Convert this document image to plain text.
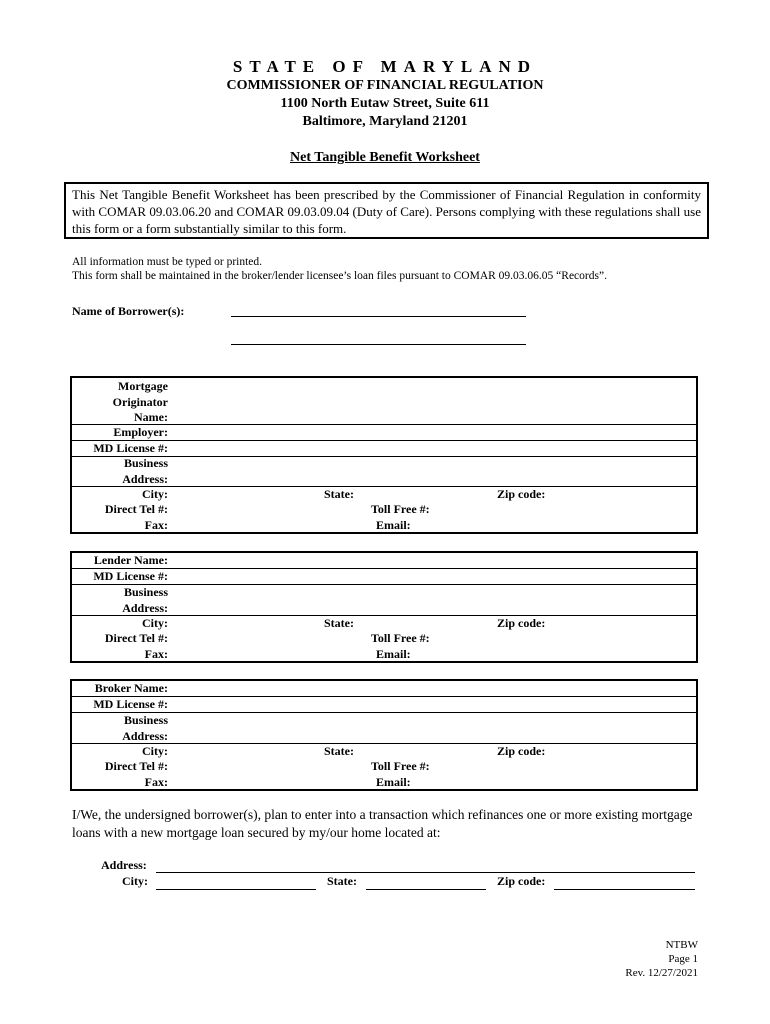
STATE OF MARYLAND
COMMISSIONER OF FINANCIAL REGULATION
1100 North Eutaw Street, Suite 611
Baltimore, Maryland 21201
Net Tangible Benefit Worksheet
This Net Tangible Benefit Worksheet has been prescribed by the Commissioner of Financial Regulation in conformity with COMAR 09.03.06.20 and COMAR 09.03.09.04 (Duty of Care). Persons complying with these regulations shall use this form or a form substantially similar to this form.
All information must be typed or printed.
This form shall be maintained in the broker/lender licensee’s loan files pursuant to COMAR 09.03.06.05 “Records”.
Name of Borrower(s):
Mortgage
Originator
Name:
Employer:
MD License #:
Business
Address:
City:	State:	Zip code:
Direct Tel #:	Toll Free #:
Fax:	Email:
Lender Name:
MD License #:
Business
Address:
City:	State:	Zip code:
Direct Tel #:	Toll Free #:
Fax:	Email:
Broker Name:
MD License #:
Business
Address:
City:	State:	Zip code:
Direct Tel #:	Toll Free #:
Fax:	Email:
I/We, the undersigned borrower(s), plan to enter into a transaction which refinances one or more existing mortgage loans with a new mortgage loan secured by my/our home located at:
Address:
City:	State:	Zip code:
NTBW
Page 1
Rev. 12/27/2021
